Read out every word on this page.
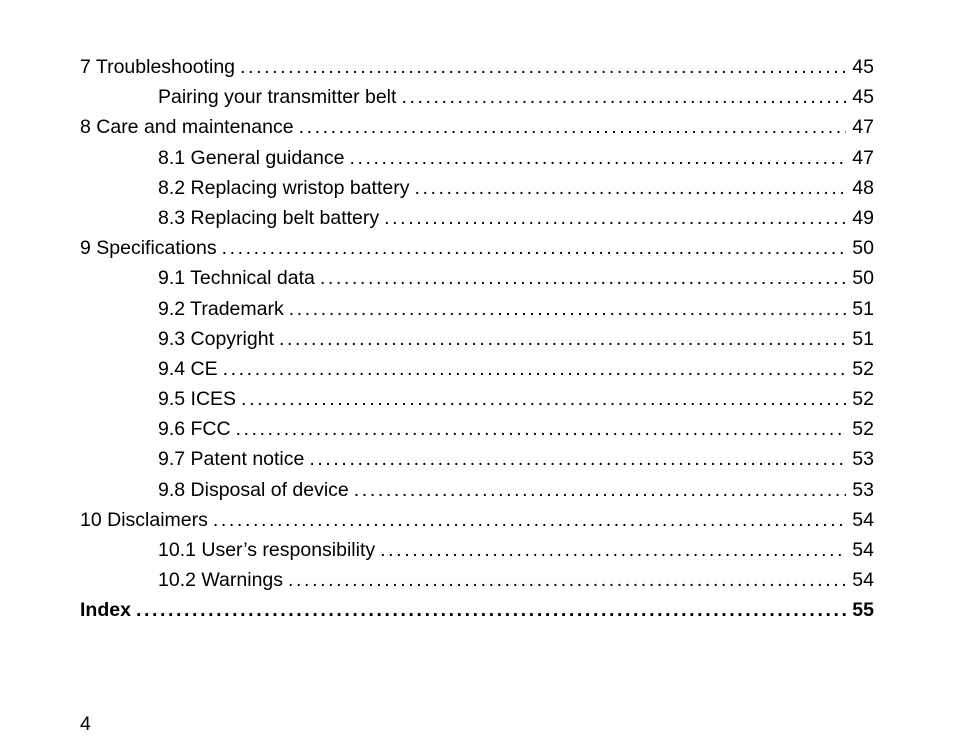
7 Troubleshooting .....	45
Pairing your transmitter belt .....	45
8 Care and maintenance .....	47
8.1 General guidance .....	47
8.2 Replacing wristop battery .....	48
8.3 Replacing belt battery .....	49
9 Specifications .....	50
9.1 Technical data .....	50
9.2 Trademark .....	51
9.3 Copyright .....	51
9.4 CE .....	52
9.5 ICES .....	52
9.6 FCC .....	52
9.7 Patent notice .....	53
9.8 Disposal of device .....	53
10 Disclaimers .....	54
10.1 User’s responsibility .....	54
10.2 Warnings .....	54
Index .....	55
4
